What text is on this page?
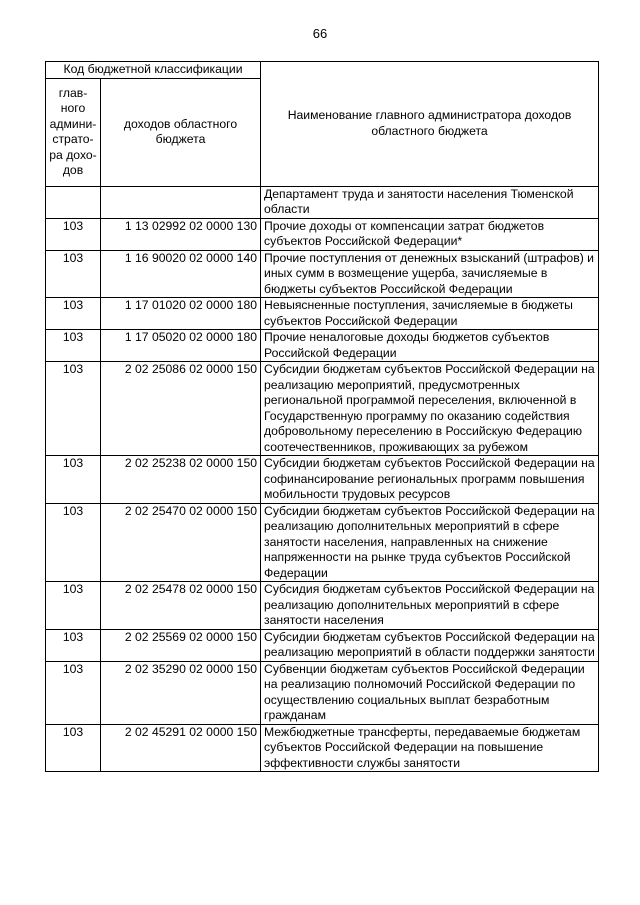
66
Код бюджетной классификации		Наименование главного администратора доходов областного бюджета
глав-ного админи-страто-ра дохо-дов	доходов областного бюджета	
		Департамент труда и занятости населения Тюменской области
103	1 13 02992 02 0000 130	Прочие доходы от компенсации затрат бюджетов субъектов Российской Федерации*
103	1 16 90020 02 0000 140	Прочие поступления от денежных взысканий (штрафов) и иных сумм в возмещение ущерба, зачисляемые в бюджеты субъектов Российской Федерации
103	1 17 01020 02 0000 180	Невыясненные поступления, зачисляемые в бюджеты субъектов Российской Федерации
103	1 17 05020 02 0000 180	Прочие неналоговые доходы бюджетов субъектов Российской Федерации
103	2 02 25086 02 0000 150	Субсидии бюджетам субъектов Российской Федерации на реализацию мероприятий, предусмотренных региональной программой переселения, включенной в Государственную программу по оказанию содействия добровольному переселению в Российскую Федерацию соотечественников, проживающих за рубежом
103	2 02 25238 02 0000 150	Субсидии бюджетам субъектов Российской Федерации на софинансирование региональных программ повышения мобильности трудовых ресурсов
103	2 02 25470 02 0000 150	Субсидии бюджетам субъектов Российской Федерации на реализацию дополнительных мероприятий в сфере занятости населения, направленных на снижение напряженности на рынке труда субъектов Российской Федерации
103	2 02 25478 02 0000 150	Субсидия бюджетам субъектов Российской Федерации на реализацию дополнительных мероприятий в сфере занятости населения
103	2 02 25569 02 0000 150	Субсидии бюджетам субъектов Российской Федерации на реализацию мероприятий в области поддержки занятости
103	2 02 35290 02 0000 150	Субвенции бюджетам субъектов Российской Федерации на реализацию полномочий Российской Федерации по осуществлению социальных выплат безработным гражданам
103	2 02 45291 02 0000 150	Межбюджетные трансферты, передаваемые бюджетам субъектов Российской Федерации на повышение эффективности службы занятости
